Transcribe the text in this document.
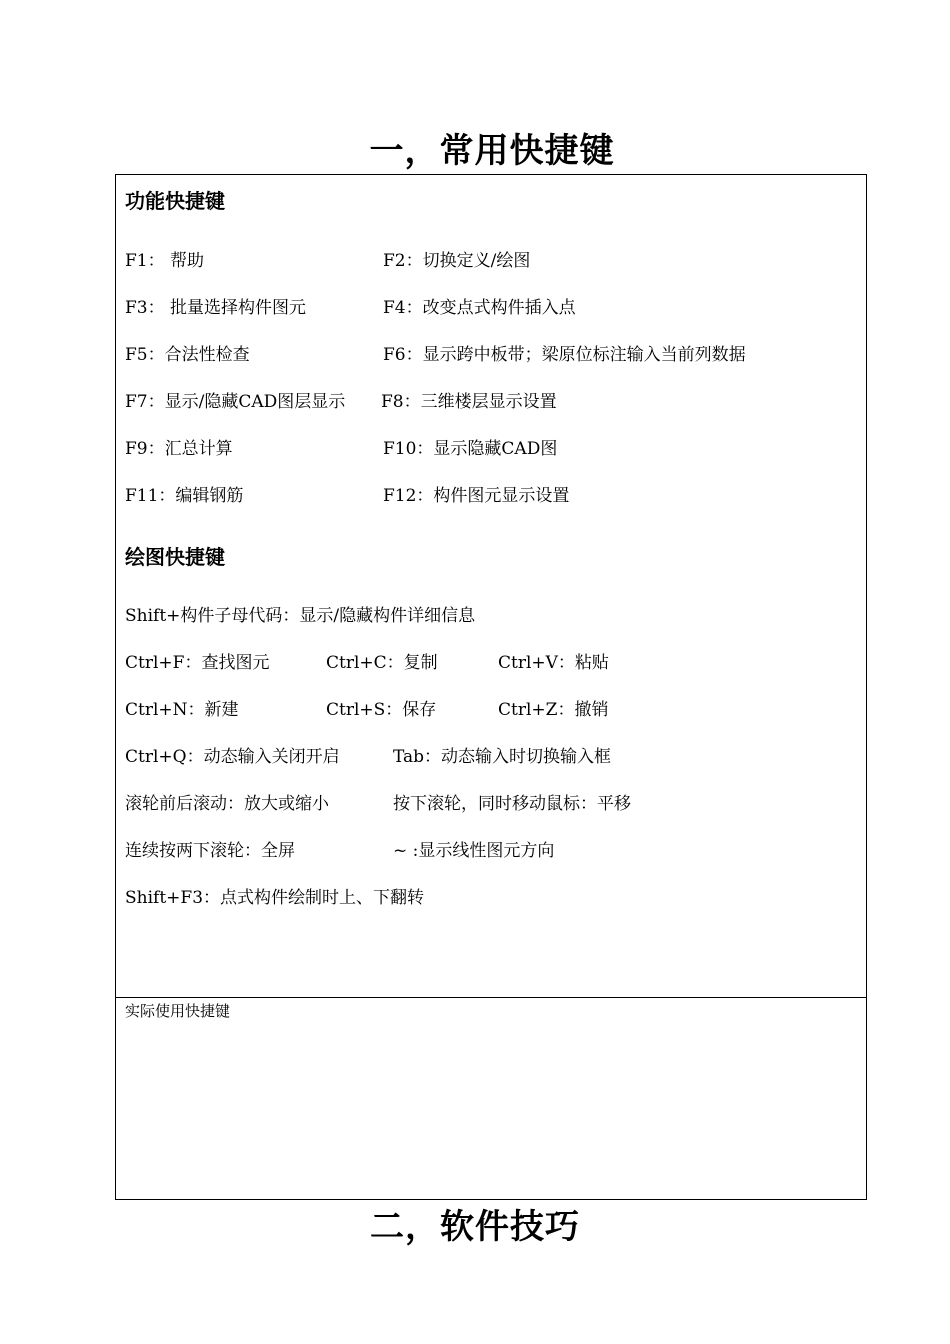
一，常用快捷键
功能快捷键
F1： 帮助	F2：切换定义/绘图
F3： 批量选择构件图元	F4：改变点式构件插入点
F5：合法性检查	F6：显示跨中板带；梁原位标注输入当前列数据
F7：显示/隐藏CAD图层显示 F8：三维楼层显示设置
F9：汇总计算	F10：显示隐藏CAD图
F11：编辑钢筋	F12：构件图元显示设置
绘图快捷键
Shift+构件子母代码：显示/隐藏构件详细信息
Ctrl+F：查找图元	Ctrl+C：复制	Ctrl+V：粘贴
Ctrl+N：新建	Ctrl+S：保存	Ctrl+Z：撤销
Ctrl+Q：动态输入关闭开启	Tab：动态输入时切换输入框
滚轮前后滚动：放大或缩小	按下滚轮，同时移动鼠标：平移
连续按两下滚轮：全屏	~ :显示线性图元方向
Shift+F3：点式构件绘制时上、下翻转
实际使用快捷键
二，软件技巧
